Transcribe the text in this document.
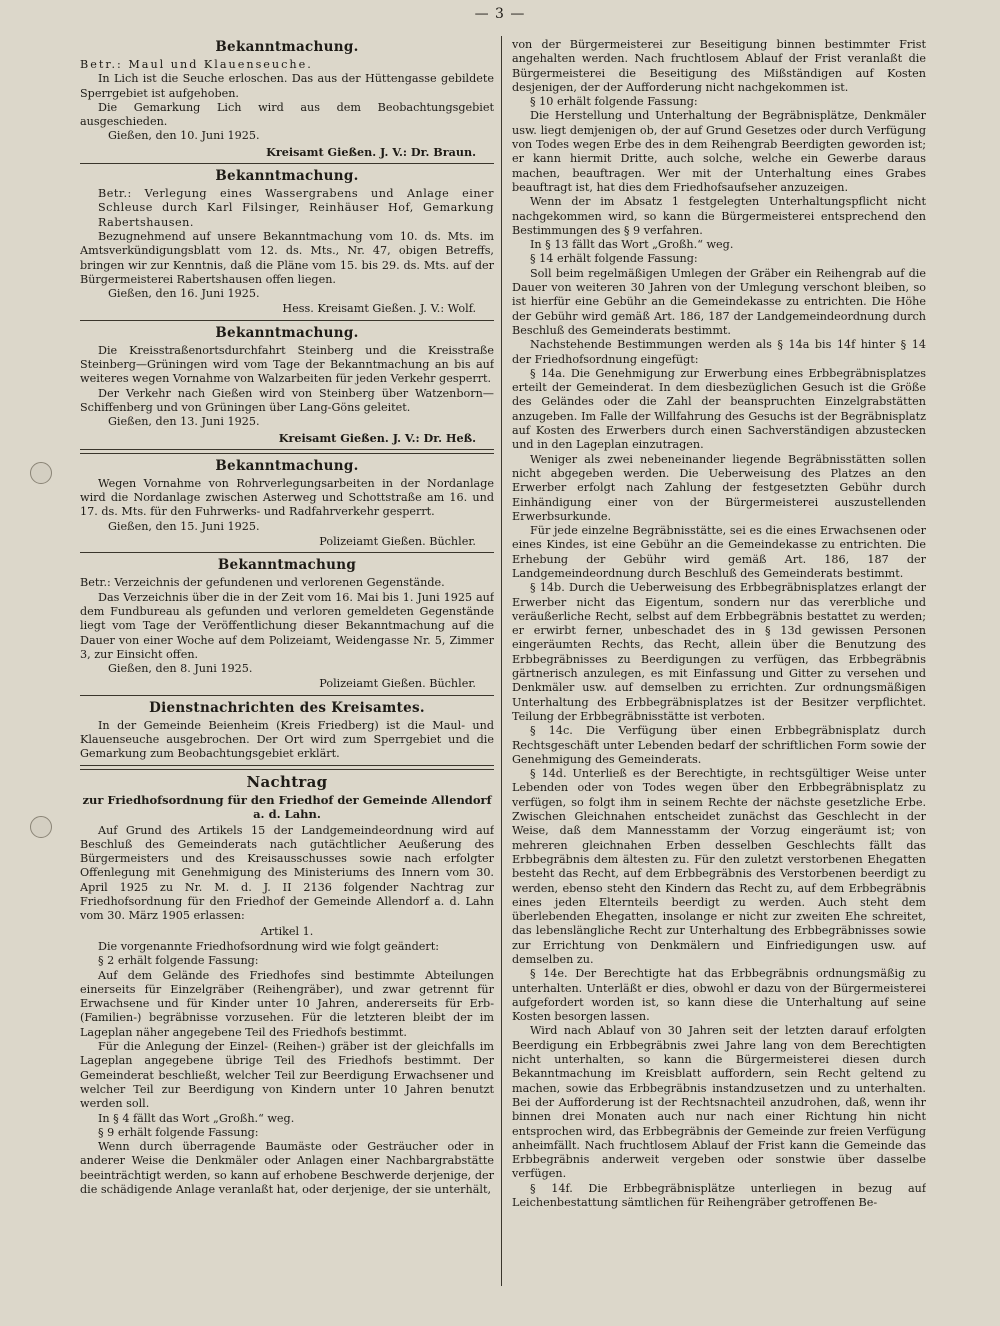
— 3 —
Bekanntmachung.

Betr.: Maul und Klauenseuche.

In Lich ist die Seuche erloschen. Das aus der Hüttengasse gebildete Sperrgebiet ist aufgehoben.

Die Gemarkung Lich wird aus dem Beobachtungsgebiet ausgeschieden.

Gießen, den 10. Juni 1925.

Kreisamt Gießen. J. V.: Dr. Braun.
Bekanntmachung.

Betr.: Verlegung eines Wassergrabens und Anlage einer Schleuse durch Karl Filsinger, Reinhäuser Hof, Gemarkung Rabertshausen.

Bezugnehmend auf unsere Bekanntmachung vom 10. ds. Mts. im Amtsverkündigungsblatt vom 12. ds. Mts., Nr. 47, obigen Betreffs, bringen wir zur Kenntnis, daß die Pläne vom 15. bis 29. ds. Mts. auf der Bürgermeisterei Rabertshausen offen liegen.

Gießen, den 16. Juni 1925.

Hess. Kreisamt Gießen. J. V.: Wolf.
Bekanntmachung.

Die Kreisstraßenortsdurchfahrt Steinberg und die Kreisstraße Steinberg—Grüningen wird vom Tage der Bekanntmachung an bis auf weiteres wegen Vornahme von Walzarbeiten für jeden Verkehr gesperrt.

Der Verkehr nach Gießen wird von Steinberg über Watzenborn—Schiffenberg und von Grüningen über Lang-Göns geleitet.

Gießen, den 13. Juni 1925.

Kreisamt Gießen. J. V.: Dr. Heß.
Bekanntmachung.

Wegen Vornahme von Rohrverlegungsarbeiten in der Nordanlage wird die Nordanlage zwischen Asterweg und Schottstraße am 16. und 17. ds. Mts. für den Fuhrwerks- und Radfahrverkehr gesperrt.

Gießen, den 15. Juni 1925.

Polizeiamt Gießen. Büchler.
Bekanntmachung

Betr.: Verzeichnis der gefundenen und verlorenen Gegenstände.

Das Verzeichnis über die in der Zeit vom 16. Mai bis 1. Juni 1925 auf dem Fundbureau als gefunden und verloren gemeldeten Gegenstände liegt vom Tage der Veröffentlichung dieser Bekanntmachung auf die Dauer von einer Woche auf dem Polizeiamt, Weidengasse Nr. 5, Zimmer 3, zur Einsicht offen.

Gießen, den 8. Juni 1925.

Polizeiamt Gießen. Büchler.
Dienstnachrichten des Kreisamtes.

In der Gemeinde Beienheim (Kreis Friedberg) ist die Maul- und Klauenseuche ausgebrochen. Der Ort wird zum Sperrgebiet und die Gemarkung zum Beobachtungsgebiet erklärt.

Nachtrag
zur Friedhofsordnung für den Friedhof der Gemeinde Allendorf a. d. Lahn.

Auf Grund des Artikels 15 der Landgemeindeordnung wird auf Beschluß des Gemeinderats nach gutächtlicher Aeußerung des Bürgermeisters und des Kreisausschusses sowie nach erfolgter Offenlegung mit Genehmigung des Ministeriums des Innern vom 30. April 1925 zu Nr. M. d. J. II 2136 folgender Nachtrag zur Friedhofsordnung für den Friedhof der Gemeinde Allendorf a. d. Lahn vom 30. März 1905 erlassen:

Artikel 1.

Die vorgenannte Friedhofsordnung wird wie folgt geändert:

§ 2 erhält folgende Fassung:

Auf dem Gelände des Friedhofes sind bestimmte Abteilungen einerseits für Einzelgräber (Reihengräber), und zwar getrennt für Erwachsene und für Kinder unter 10 Jahren, andererseits für Erb- (Familien-) begräbnisse vorzusehen. Für die letzteren bleibt der im Lageplan näher angegebene Teil des Friedhofs bestimmt.

Für die Anlegung der Einzel- (Reihen-) gräber ist der gleichfalls im Lageplan angegebene übrige Teil des Friedhofs bestimmt. Der Gemeinderat beschließt, welcher Teil zur Beerdigung Erwachsener und welcher Teil zur Beerdigung von Kindern unter 10 Jahren benutzt werden soll.

In § 4 fällt das Wort „Großh.“ weg.

§ 9 erhält folgende Fassung:

Wenn durch überragende Baumäste oder Gesträucher oder in anderer Weise die Denkmäler oder Anlagen einer Nachbargrabstätte beeinträchtigt werden, so kann auf erhobene Beschwerde derjenige, der die schädigende Anlage veranlaßt hat, oder derjenige, der sie unterhält,

von der Bürgermeisterei zur Beseitigung binnen bestimmter Frist angehalten werden. Nach fruchtlosem Ablauf der Frist veranlaßt die Bürgermeisterei die Beseitigung des Mißständigen auf Kosten desjenigen, der der Aufforderung nicht nachgekommen ist.

§ 10 erhält folgende Fassung:

Die Herstellung und Unterhaltung der Begräbnisplätze, Denkmäler usw. liegt demjenigen ob, der auf Grund Gesetzes oder durch Verfügung von Todes wegen Erbe des in dem Reihengrab Beerdigten geworden ist; er kann hiermit Dritte, auch solche, welche ein Gewerbe daraus machen, beauftragen. Wer mit der Unterhaltung eines Grabes beauftragt ist, hat dies dem Friedhofsaufseher anzuzeigen.

Wenn der im Absatz 1 festgelegten Unterhaltungspflicht nicht nachgekommen wird, so kann die Bürgermeisterei entsprechend den Bestimmungen des § 9 verfahren.

In § 13 fällt das Wort „Großh.“ weg.

§ 14 erhält folgende Fassung:

Soll beim regelmäßigen Umlegen der Gräber ein Reihengrab auf die Dauer von weiteren 30 Jahren von der Umlegung verschont bleiben, so ist hierfür eine Gebühr an die Gemeindekasse zu entrichten. Die Höhe der Gebühr wird gemäß Art. 186, 187 der Landgemeindeordnung durch Beschluß des Gemeinderats bestimmt.

Nachstehende Bestimmungen werden als § 14a bis 14f hinter § 14 der Friedhofsordnung eingefügt:

§ 14a. Die Genehmigung zur Erwerbung eines Erbbegräbnisplatzes erteilt der Gemeinderat. In dem diesbezüglichen Gesuch ist die Größe des Geländes oder die Zahl der beanspruchten Einzelgrabstätten anzugeben. Im Falle der Willfahrung des Gesuchs ist der Begräbnisplatz auf Kosten des Erwerbers durch einen Sachverständigen abzustecken und in den Lageplan einzutragen.

Weniger als zwei nebeneinander liegende Begräbnisstätten sollen nicht abgegeben werden. Die Ueberweisung des Platzes an den Erwerber erfolgt nach Zahlung der festgesetzten Gebühr durch Einhändigung einer von der Bürgermeisterei auszustellenden Erwerbsurkunde.

Für jede einzelne Begräbnisstätte, sei es die eines Erwachsenen oder eines Kindes, ist eine Gebühr an die Gemeindekasse zu entrichten. Die Erhebung der Gebühr wird gemäß Art. 186, 187 der Landgemeindeordnung durch Beschluß des Gemeinderats bestimmt.

§ 14b. Durch die Ueberweisung des Erbbegräbnisplatzes erlangt der Erwerber nicht das Eigentum, sondern nur das vererbliche und veräußerliche Recht, selbst auf dem Erbbegräbnis bestattet zu werden; er erwirbt ferner, unbeschadet des in § 13d gewissen Personen eingeräumten Rechts, das Recht, allein über die Benutzung des Erbbegräbnisses zu Beerdigungen zu verfügen, das Erbbegräbnis gärtnerisch anzulegen, es mit Einfassung und Gitter zu versehen und Denkmäler usw. auf demselben zu errichten. Zur ordnungsmäßigen Unterhaltung des Erbbegräbnisplatzes ist der Besitzer verpflichtet. Teilung der Erbbegräbnisstätte ist verboten.

§ 14c. Die Verfügung über einen Erbbegräbnisplatz durch Rechtsgeschäft unter Lebenden bedarf der schriftlichen Form sowie der Genehmigung des Gemeinderats.

§ 14d. Unterließ es der Berechtigte, in rechtsgültiger Weise unter Lebenden oder von Todes wegen über den Erbbegräbnisplatz zu verfügen, so folgt ihm in seinem Rechte der nächste gesetzliche Erbe. Zwischen Gleichnahen entscheidet zunächst das Geschlecht in der Weise, daß dem Mannesstamm der Vorzug eingeräumt ist; von mehreren gleichnahen Erben desselben Geschlechts fällt das Erbbegräbnis dem ältesten zu. Für den zuletzt verstorbenen Ehegatten besteht das Recht, auf dem Erbbegräbnis des Verstorbenen beerdigt zu werden, ebenso steht den Kindern das Recht zu, auf dem Erbbegräbnis eines jeden Elternteils beerdigt zu werden. Auch steht dem überlebenden Ehegatten, insolange er nicht zur zweiten Ehe schreitet, das lebenslängliche Recht zur Unterhaltung des Erbbegräbnisses sowie zur Errichtung von Denkmälern und Einfriedigungen usw. auf demselben zu.

§ 14e. Der Berechtigte hat das Erbbegräbnis ordnungsmäßig zu unterhalten. Unterläßt er dies, obwohl er dazu von der Bürgermeisterei aufgefordert worden ist, so kann diese die Unterhaltung auf seine Kosten besorgen lassen.

Wird nach Ablauf von 30 Jahren seit der letzten darauf erfolgten Beerdigung ein Erbbegräbnis zwei Jahre lang von dem Berechtigten nicht unterhalten, so kann die Bürgermeisterei diesen durch Bekanntmachung im Kreisblatt auffordern, sein Recht geltend zu machen, sowie das Erbbegräbnis instandzusetzen und zu unterhalten. Bei der Aufforderung ist der Rechtsnachteil anzudrohen, daß, wenn ihr binnen drei Monaten auch nur nach einer Richtung hin nicht entsprochen wird, das Erbbegräbnis der Gemeinde zur freien Verfügung anheimfällt. Nach fruchtlosem Ablauf der Frist kann die Gemeinde das Erbbegräbnis anderweit vergeben oder sonstwie über dasselbe verfügen.

§ 14f. Die Erbbegräbnisplätze unterliegen in bezug auf Leichenbestattung sämtlichen für Reihengräber getroffenen Be-
